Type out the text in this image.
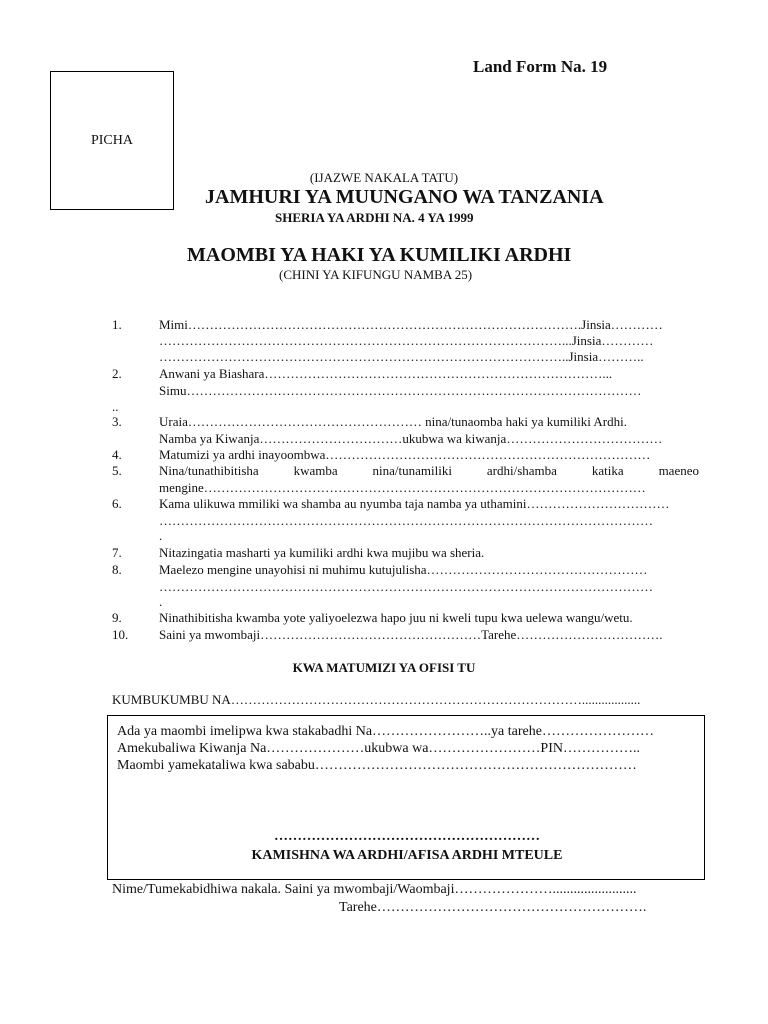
PICHA
Land Form Na. 19
(IJAZWE NAKALA TATU)
JAMHURI YA MUUNGANO WA TANZANIA
SHERIA YA ARDHI NA. 4 YA 1999
MAOMBI YA HAKI YA KUMILIKI ARDHI
(CHINI YA KIFUNGU NAMBA 25)
1.	Mimi……………………………………………………………………………….Jinsia…………
…………………………………………………………………………………...Jinsia…………
…………………………………………………………………………………..Jinsia………..
2.	Anwani ya Biashara……………………………………………………………………...
Simu……………………………………………………………………………………………
..
3.	Uraia……………………………………………… nina/tunaomba haki ya kumiliki Ardhi.
Namba ya Kiwanja……………………………ukubwa wa kiwanja………………………………
4.	Matumizi ya ardhi inayoombwa…………………………………………………………………
5.	Nina/tunathibitisha	kwamba	nina/tunamiliki	ardhi/shamba	katika	maeneo
mengine…………………………………………………………………………………………
6.	Kama ulikuwa mmiliki wa shamba au nyumba taja namba ya uthamini……………………………
……………………………………………………………………………………………………
.
7.	Nitazingatia masharti ya kumiliki ardhi kwa mujibu wa sheria.
8.	Maelezo mengine unayohisi ni muhimu kutujulisha……………………………………………
……………………………………………………………………………………………………
.
9.	Ninathibitisha kwamba yote yaliyoelezwa hapo juu ni kweli tupu kwa uelewa wangu/wetu.
10. Saini ya mwombaji……………………………………………Tarehe…………………………….
KWA MATUMIZI YA OFISI TU
KUMBUKUMBU NA………………………………………………………………………..................
Ada ya maombi imelipwa kwa stakabadhi Na……………………..ya tarehe……………………
Amekubaliwa Kiwanja Na…………………ukubwa wa……………………PIN……………..
Maombi yamekataliwa kwa sababu……………………………………………………………
…………………………………………………
KAMISHNA WA ARDHI/AFISA ARDHI MTEULE
Nime/Tumekabidhiwa nakala. Saini ya mwombaji/Waombaji…………………........................
Tarehe………………………………………………….
